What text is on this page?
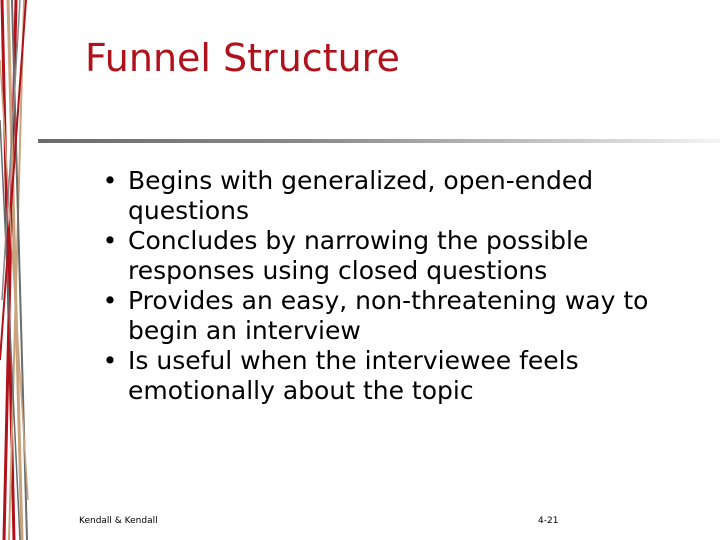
Funnel Structure
• Begins with generalized, open-ended questions
• Concludes by narrowing the possible responses using closed questions
• Provides an easy, non-threatening way to begin an interview
• Is useful when the interviewee feels emotionally about the topic
Kendall & Kendall	4-21
